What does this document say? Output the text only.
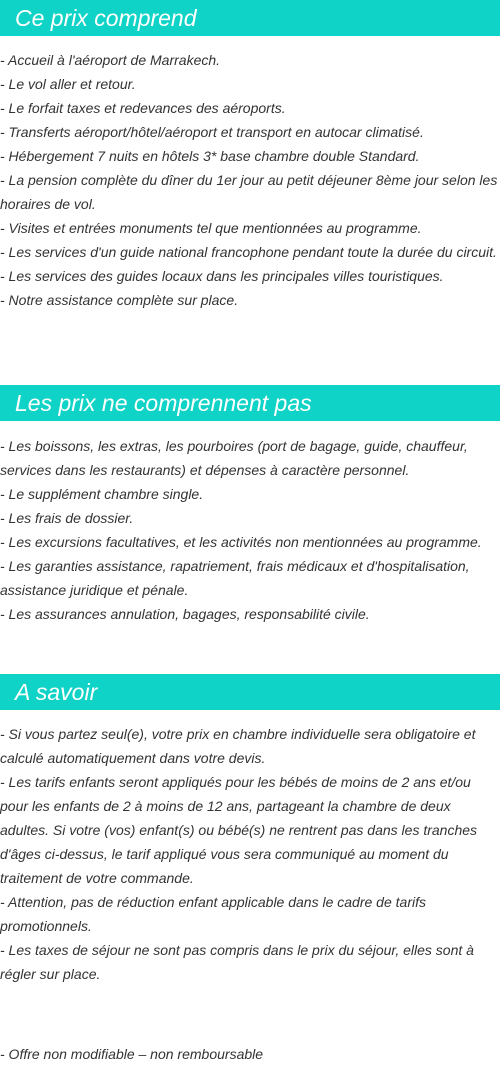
Ce prix comprend
- Accueil à l'aéroport de Marrakech.
- Le vol aller et retour.
- Le forfait taxes et redevances des aéroports.
- Transferts aéroport/hôtel/aéroport et transport en autocar climatisé.
- Hébergement 7 nuits en hôtels 3* base chambre double Standard.
- La pension complète du dîner du 1er jour au petit déjeuner 8ème jour selon les horaires de vol.
- Visites et entrées monuments tel que mentionnées au programme.
- Les services d'un guide national francophone pendant toute la durée du circuit.
- Les services des guides locaux dans les principales villes touristiques.
- Notre assistance complète sur place.
Les prix ne comprennent pas
- Les boissons, les extras, les pourboires (port de bagage, guide, chauffeur, services dans les restaurants) et dépenses à caractère personnel.
- Le supplément chambre single.
- Les frais de dossier.
- Les excursions facultatives, et les activités non mentionnées au programme.
- Les garanties assistance, rapatriement, frais médicaux et d'hospitalisation, assistance juridique et pénale.
- Les assurances annulation, bagages, responsabilité civile.
A savoir
- Si vous partez seul(e), votre prix en chambre individuelle sera obligatoire et calculé automatiquement dans votre devis.
- Les tarifs enfants seront appliqués pour les bébés de moins de 2 ans et/ou pour les enfants de 2 à moins de 12 ans, partageant la chambre de deux adultes. Si votre (vos) enfant(s) ou bébé(s) ne rentrent pas dans les tranches d'âges ci-dessus, le tarif appliqué vous sera communiqué au moment du traitement de votre commande.
- Attention, pas de réduction enfant applicable dans le cadre de tarifs promotionnels.
- Les taxes de séjour ne sont pas compris dans le prix du séjour, elles sont à régler sur place.
- Offre non modifiable – non remboursable
